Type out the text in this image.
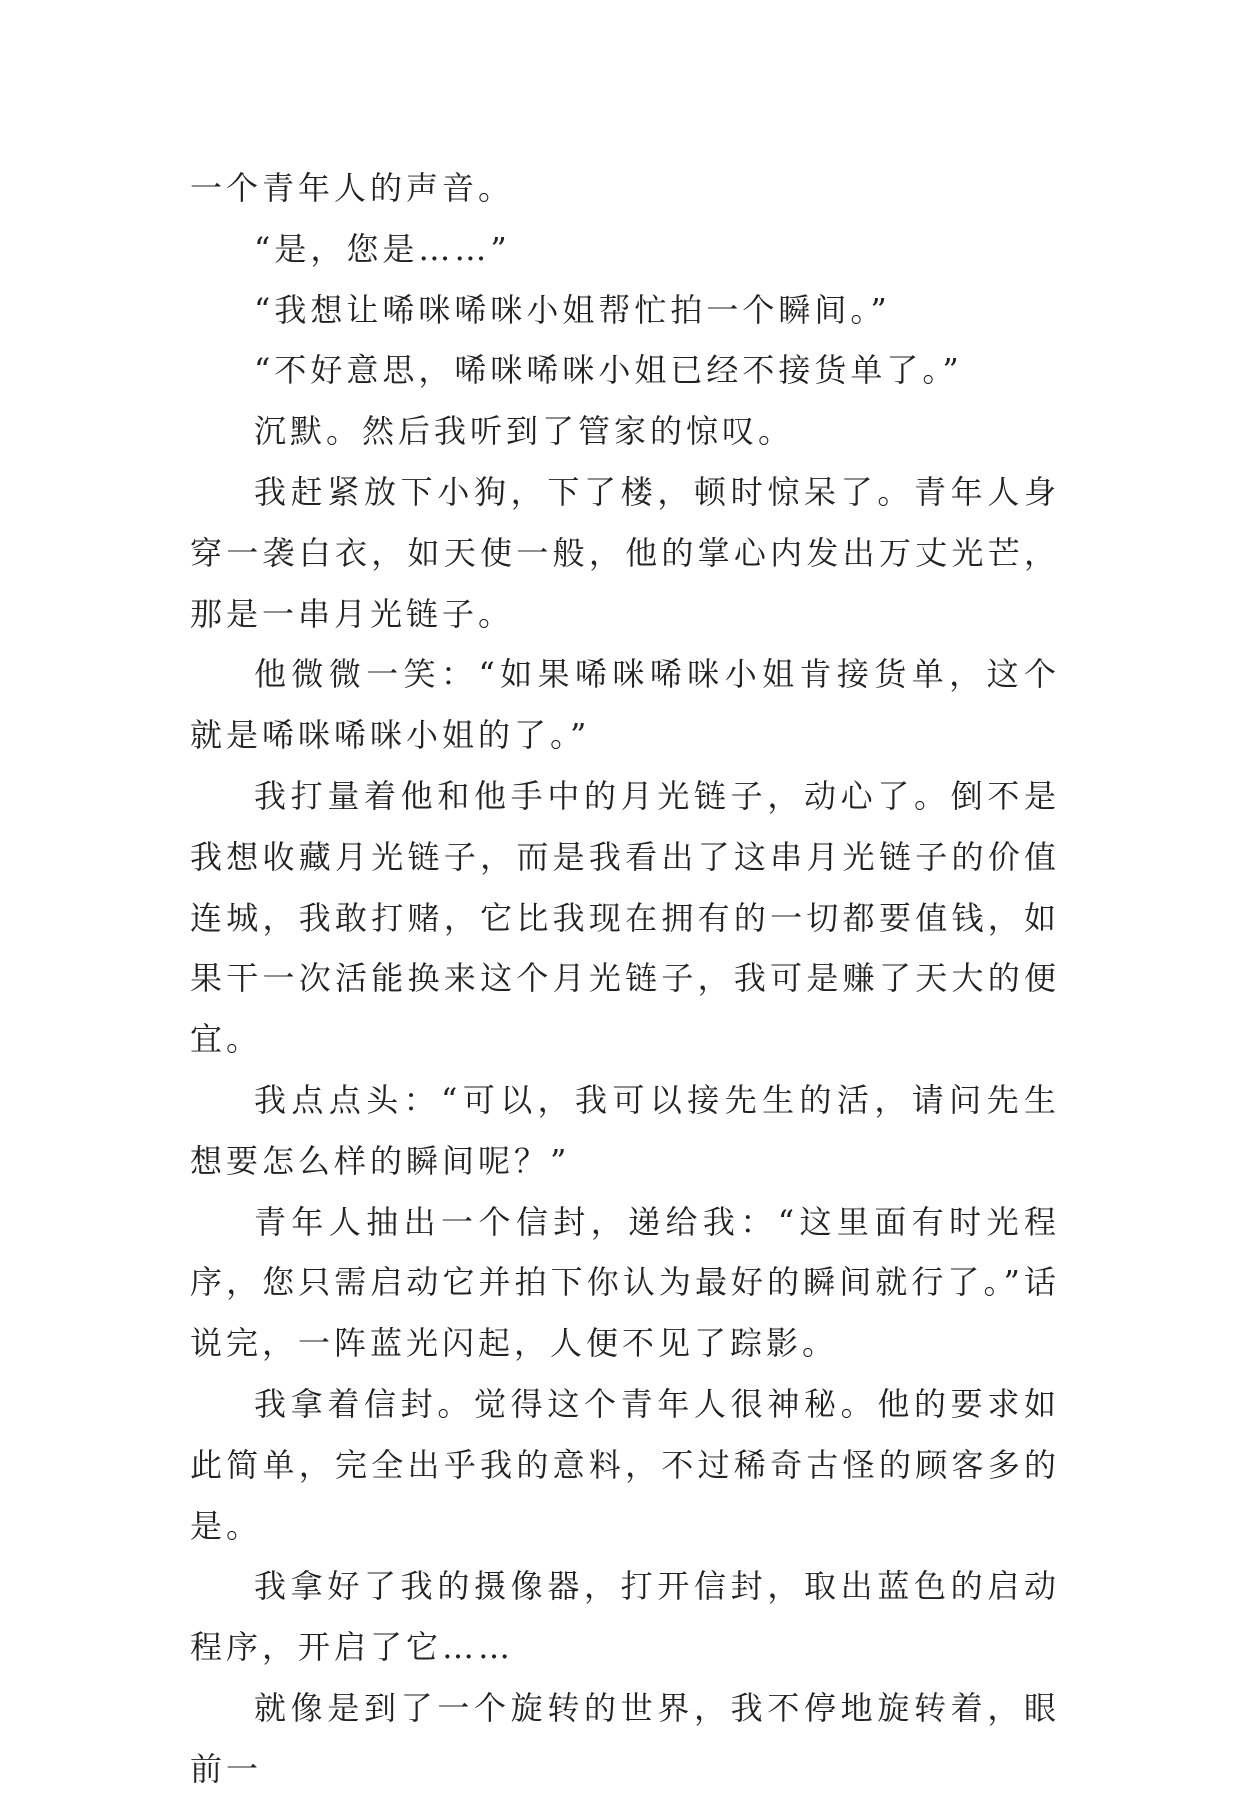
一个青年人的声音。

“是，您是……”

“我想让唏咪唏咪小姐帮忙拍一个瞬间。”

“不好意思，唏咪唏咪小姐已经不接货单了。”

沉默。然后我听到了管家的惊叹。

我赶紧放下小狗，下了楼，顿时惊呆了。青年人身穿一袭白衣，如天使一般，他的掌心内发出万丈光芒，那是一串月光链子。

他微微一笑：“如果唏咪唏咪小姐肯接货单，这个就是唏咪唏咪小姐的了。”

我打量着他和他手中的月光链子，动心了。倒不是我想收藏月光链子，而是我看出了这串月光链子的价值连城，我敢打赌，它比我现在拥有的一切都要值钱，如果干一次活能换来这个月光链子，我可是赚了天大的便宜。

我点点头：“可以，我可以接先生的活，请问先生想要怎么样的瞬间呢？”

青年人抽出一个信封，递给我：“这里面有时光程序，您只需启动它并拍下你认为最好的瞬间就行了。”话说完，一阵蓝光闪起，人便不见了踪影。

我拿着信封。觉得这个青年人很神秘。他的要求如此简单，完全出乎我的意料，不过稀奇古怪的顾客多的是。

我拿好了我的摄像器，打开信封，取出蓝色的启动程序，开启了它……

就像是到了一个旋转的世界，我不停地旋转着，眼前一
